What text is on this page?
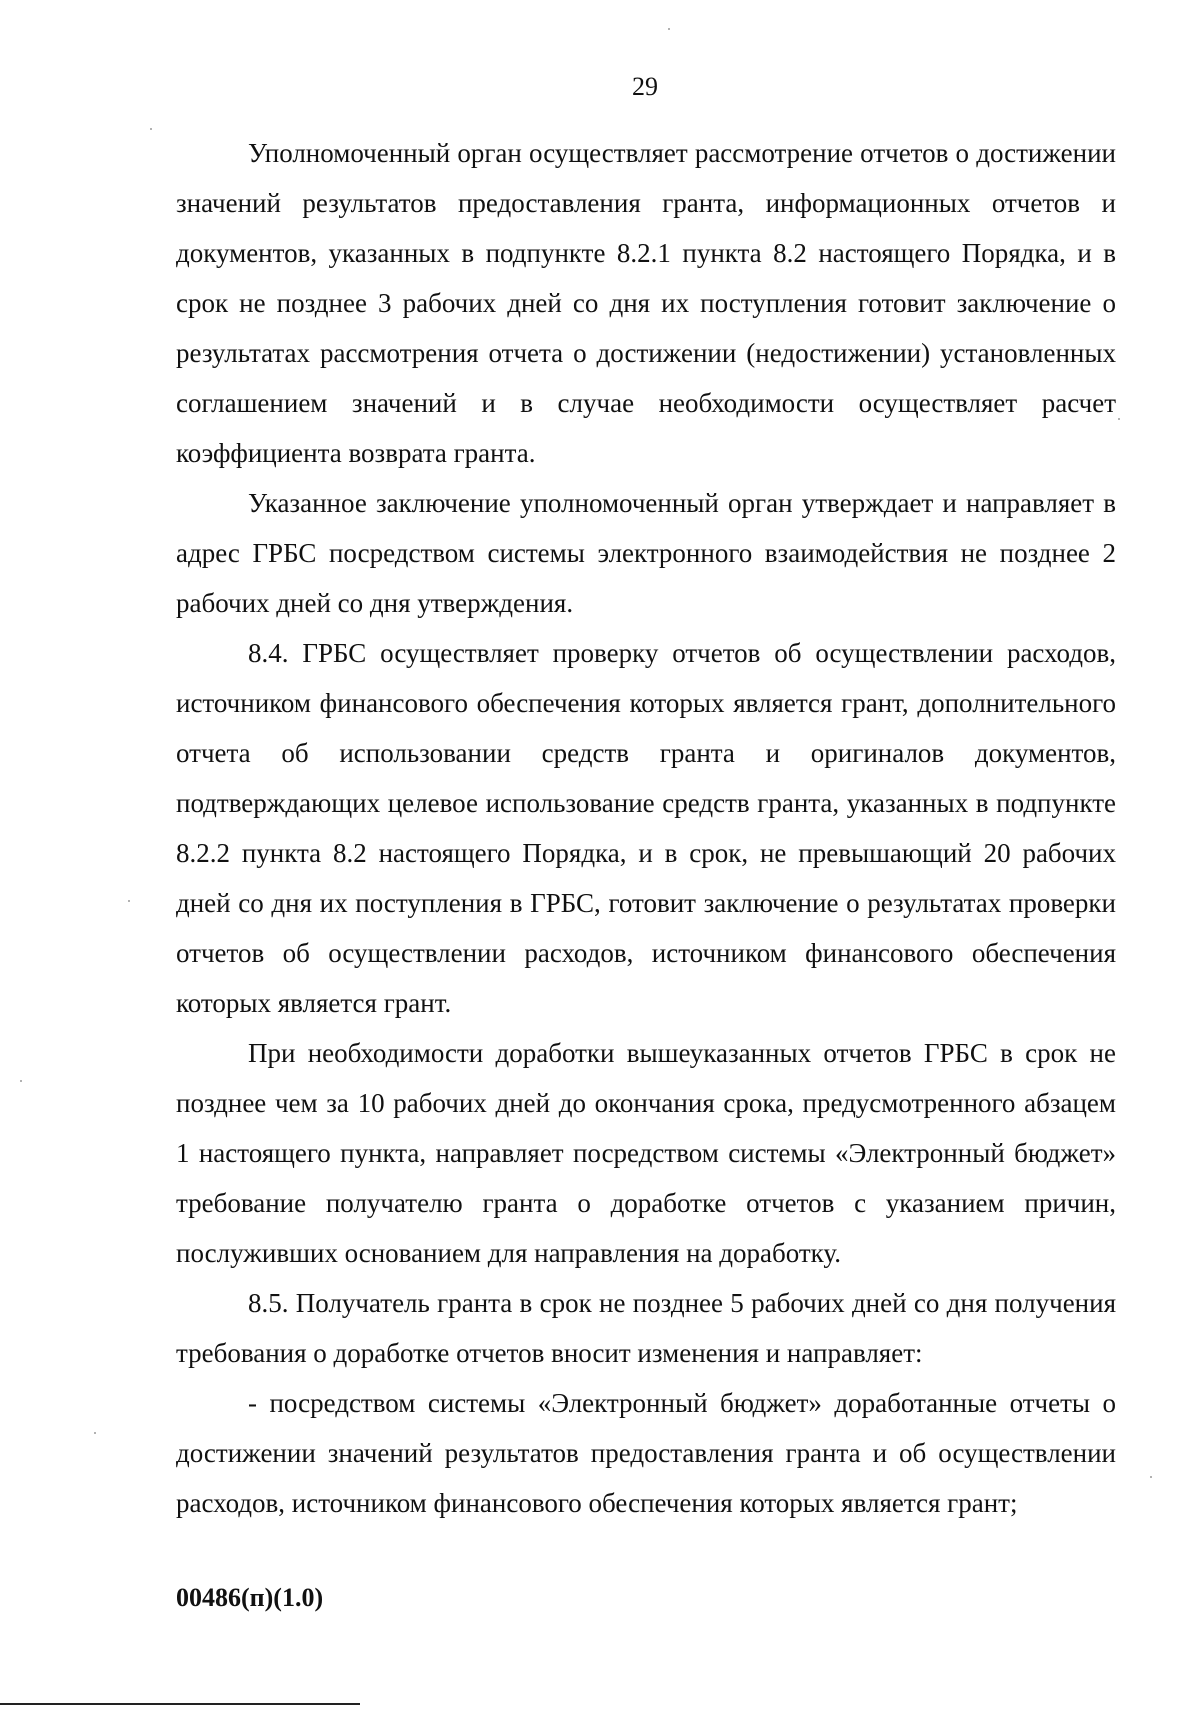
29

Уполномоченный орган осуществляет рассмотрение отчетов о достижении значений результатов предоставления гранта, информационных отчетов и документов, указанных в подпункте 8.2.1 пункта 8.2 настоящего Порядка, и в срок не позднее 3 рабочих дней со дня их поступления готовит заключение о результатах рассмотрения отчета о достижении (недостижении) установленных соглашением значений и в случае необходимости осуществляет расчет коэффициента возврата гранта.

Указанное заключение уполномоченный орган утверждает и направляет в адрес ГРБС посредством системы электронного взаимодействия не позднее 2 рабочих дней со дня утверждения.

8.4. ГРБС осуществляет проверку отчетов об осуществлении расходов, источником финансового обеспечения которых является грант, дополнительного отчета об использовании средств гранта и оригиналов документов, подтверждающих целевое использование средств гранта, указанных в подпункте 8.2.2 пункта 8.2 настоящего Порядка, и в срок, не превышающий 20 рабочих дней со дня их поступления в ГРБС, готовит заключение о результатах проверки отчетов об осуществлении расходов, источником финансового обеспечения которых является грант.

При необходимости доработки вышеуказанных отчетов ГРБС в срок не позднее чем за 10 рабочих дней до окончания срока, предусмотренного абзацем 1 настоящего пункта, направляет посредством системы «Электронный бюджет» требование получателю гранта о доработке отчетов с указанием причин, послуживших основанием для направления на доработку.

8.5. Получатель гранта в срок не позднее 5 рабочих дней со дня получения требования о доработке отчетов вносит изменения и направляет:

- посредством системы «Электронный бюджет» доработанные отчеты о достижении значений результатов предоставления гранта и об осуществлении расходов, источником финансового обеспечения которых является грант;

00486(п)(1.0)
